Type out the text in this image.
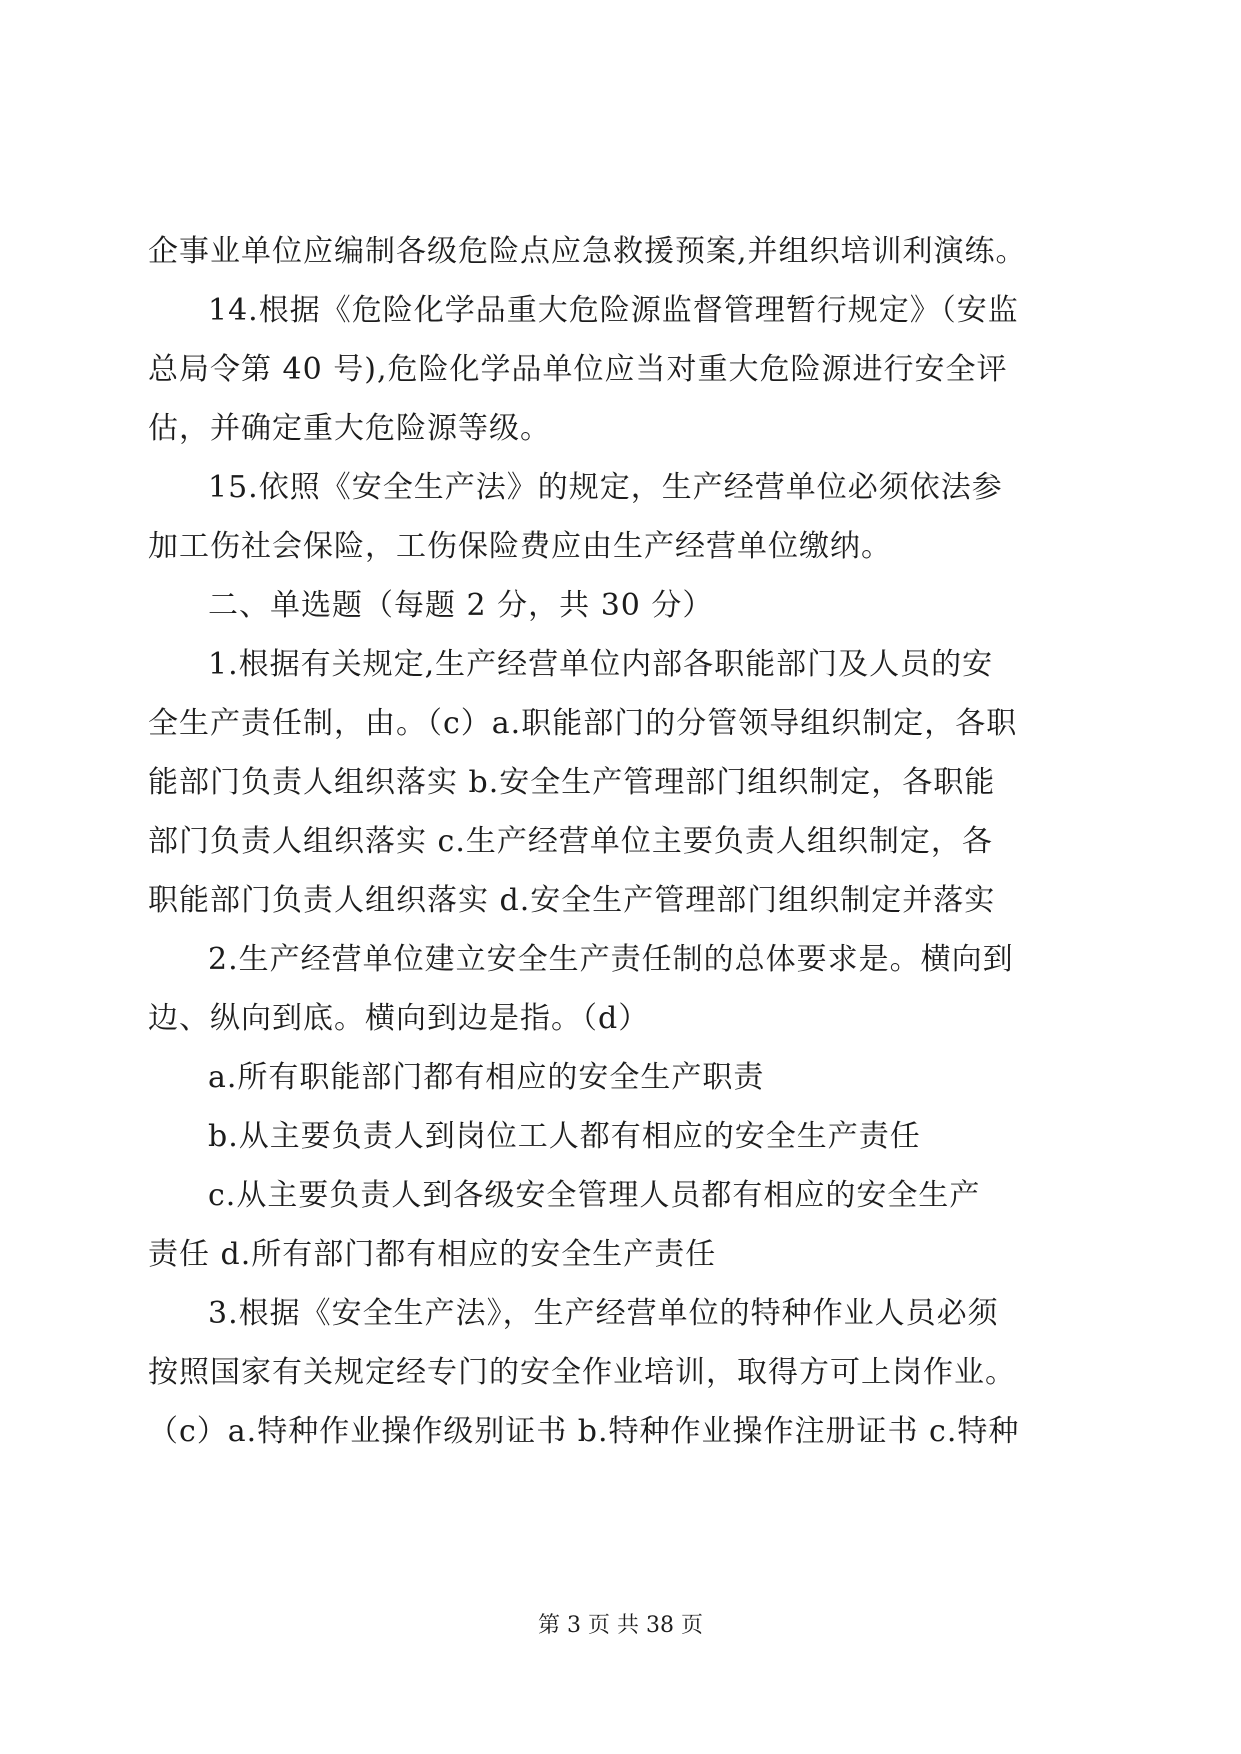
企事业单位应编制各级危险点应急救援预案,并组织培训利演练。
14.根据《危险化学品重大危险源监督管理暂行规定》（安监
总局令第 40 号),危险化学品单位应当对重大危险源进行安全评
估，并确定重大危险源等级。
15.依照《安全生产法》的规定，生产经营单位必须依法参
加工伤社会保险，工伤保险费应由生产经营单位缴纳。
二、单选题（每题 2 分，共 30 分）
1.根据有关规定,生产经营单位内部各职能部门及人员的安
全生产责任制，由。（c）a.职能部门的分管领导组织制定，各职
能部门负责人组织落实 b.安全生产管理部门组织制定，各职能
部门负责人组织落实 c.生产经营单位主要负责人组织制定，各
职能部门负责人组织落实 d.安全生产管理部门组织制定并落实
2.生产经营单位建立安全生产责任制的总体要求是。横向到
边、纵向到底。横向到边是指。（d）
a.所有职能部门都有相应的安全生产职责
b.从主要负责人到岗位工人都有相应的安全生产责任
c.从主要负责人到各级安全管理人员都有相应的安全生产
责任 d.所有部门都有相应的安全生产责任
3.根据《安全生产法》，生产经营单位的特种作业人员必须
按照国家有关规定经专门的安全作业培训，取得方可上岗作业。
（c）a.特种作业操作级别证书 b.特种作业操作注册证书 c.特种
第 3 页 共 38 页
